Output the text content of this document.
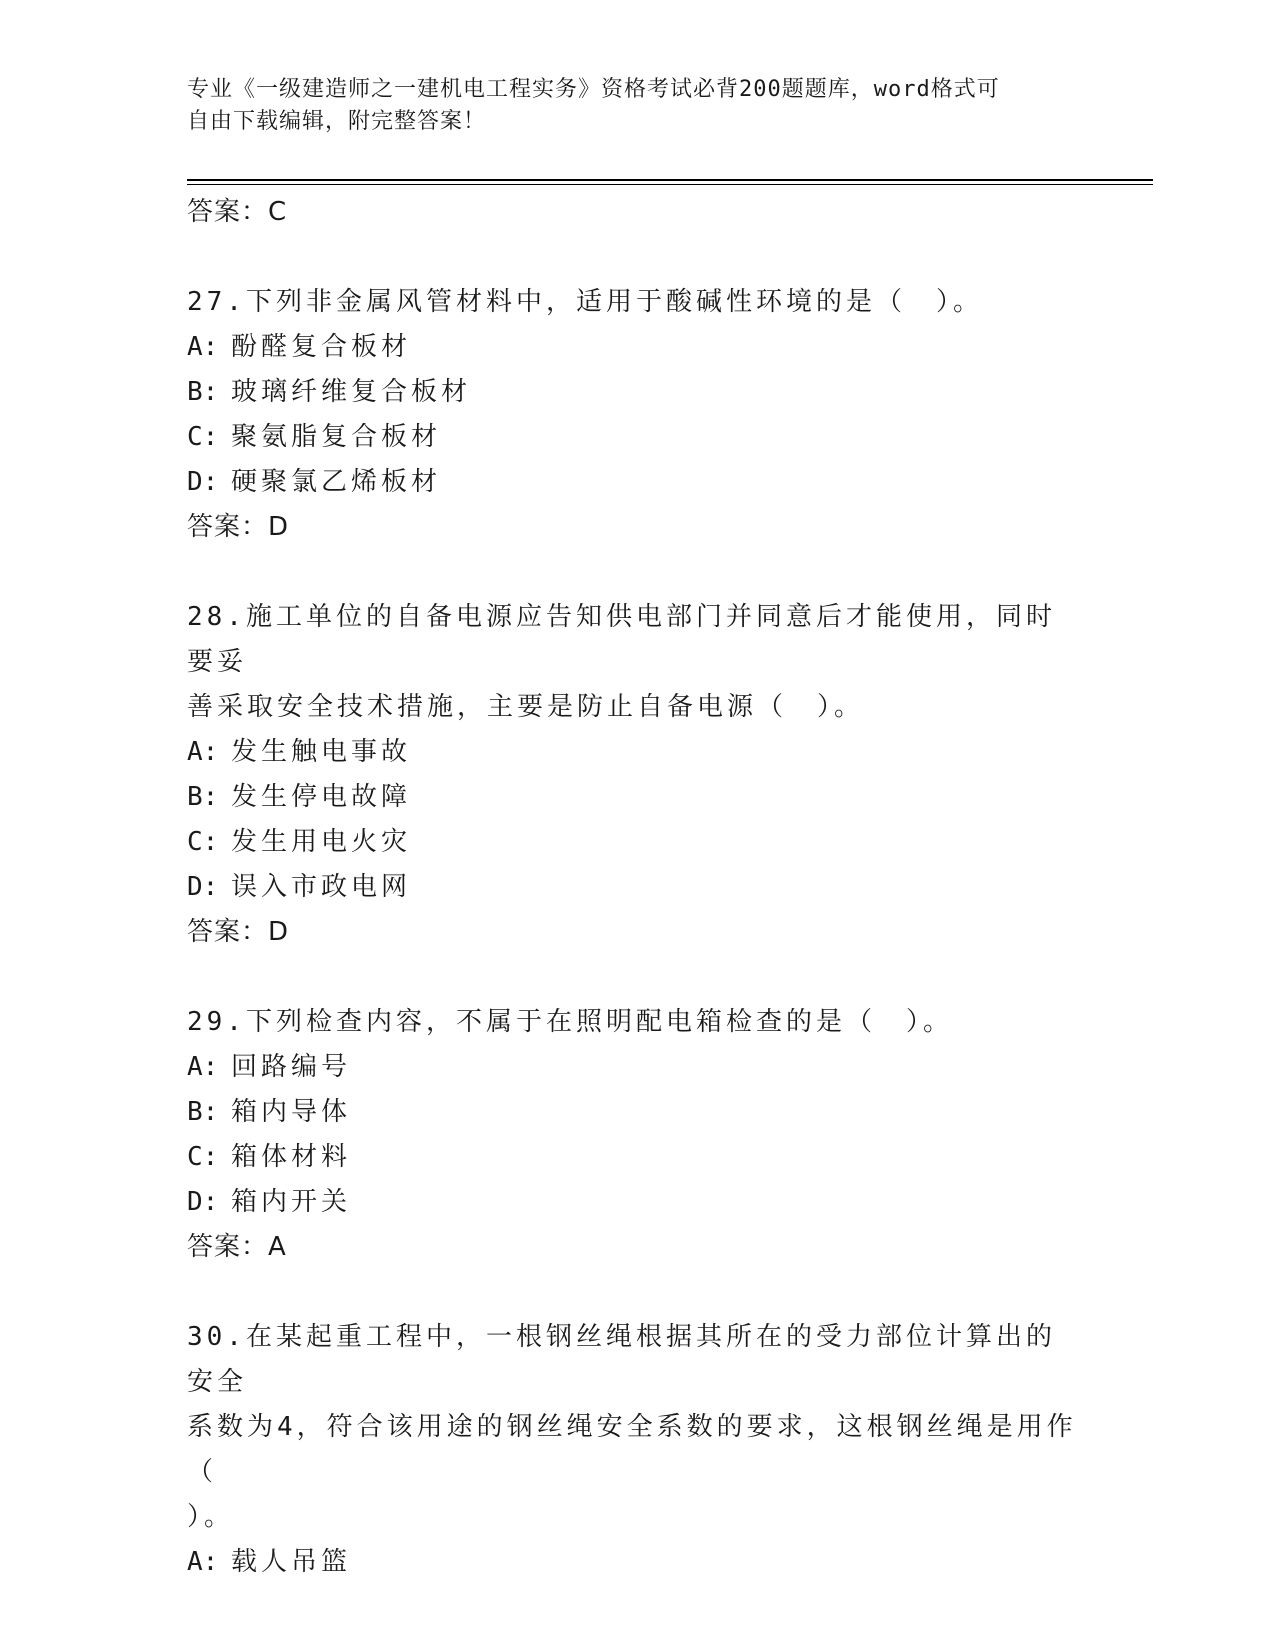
专业《一级建造师之一建机电工程实务》资格考试必背200题题库，word格式可
自由下载编辑，附完整答案！
答案：C
27.下列非金属风管材料中，适用于酸碱性环境的是（　）。
A: 酚醛复合板材
B: 玻璃纤维复合板材
C: 聚氨脂复合板材
D: 硬聚氯乙烯板材
答案：D
28.施工单位的自备电源应告知供电部门并同意后才能使用，同时要妥
善采取安全技术措施，主要是防止自备电源（　）。
A: 发生触电事故
B: 发生停电故障
C: 发生用电火灾
D: 误入市政电网
答案：D
29.下列检查内容，不属于在照明配电箱检查的是（　）。
A: 回路编号
B: 箱内导体
C: 箱体材料
D: 箱内开关
答案：A
30.在某起重工程中，一根钢丝绳根据其所在的受力部位计算出的安全
系数为4，符合该用途的钢丝绳安全系数的要求，这根钢丝绳是用作（
）。
A: 载人吊篮
